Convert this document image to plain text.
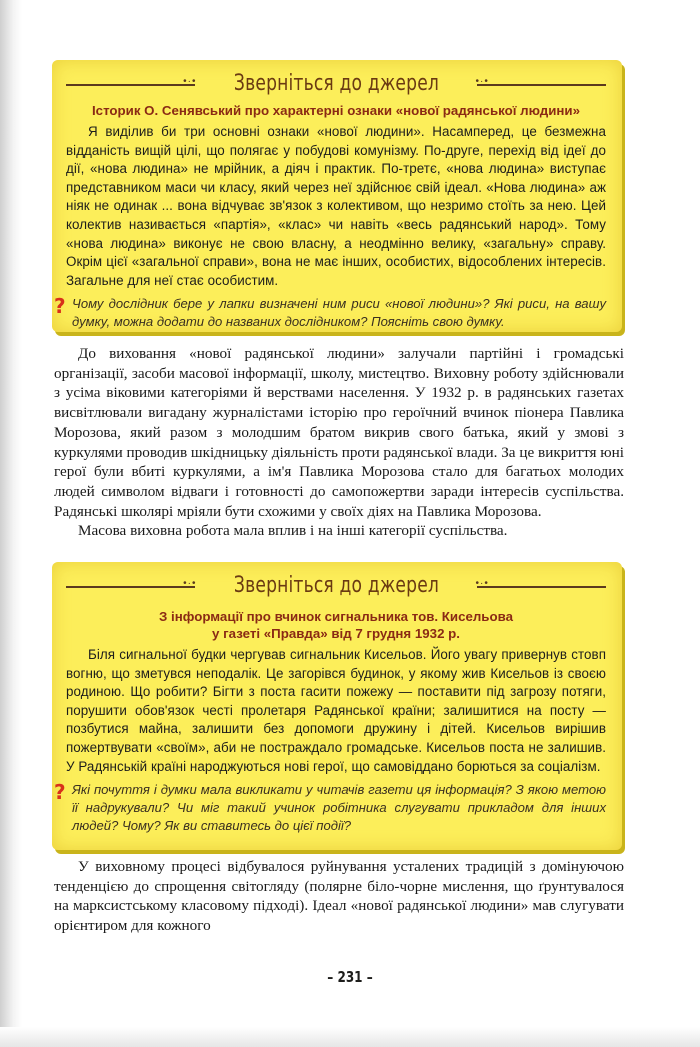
•·•
Зверніться до джерел
•·•
Історик О. Сенявський про характерні ознаки «нової радянської людини»

Я виділив би три основні ознаки «нової людини». Насамперед, це безмежна відданість вищій цілі, що полягає у побудові комунізму. По-друге, перехід від ідеї до дії, «нова людина» не мрійник, а діяч і практик. По-третє, «нова людина» виступає представником маси чи класу, який через неї здійснює свій ідеал. «Нова людина» аж ніяк не одинак ... вона відчуває зв'язок з колективом, що незримо стоїть за нею. Цей колектив називається «партія», «клас» чи навіть «весь радянський народ». Тому «нова людина» виконує не свою власну, а неодмінно велику, «загальну» справу. Окрім цієї «загальної справи», вона не має інших, особистих, відособлених інтересів. Загальне для неї стає особистим.

? Чому дослідник бере у лапки визначені ним риси «нової людини»? Які риси, на вашу думку, можна додати до названих дослідником? Поясніть свою думку.

До виховання «нової радянської людини» залучали партійні і громадські організації, засоби масової інформації, школу, мистецтво. Виховну роботу здійснювали з усіма віковими категоріями й верствами населення. У 1932 р. в радянських газетах висвітлювали вигадану журналістами історію про героїчний вчинок піонера Павлика Морозова, який разом з молодшим братом викрив свого батька, який у змові з куркулями проводив шкідницьку діяльність проти радянської влади. За це викриття юні герої були вбиті куркулями, а ім'я Павлика Морозова стало для багатьох молодих людей символом відваги і готовності до самопожертви заради інтересів суспільства. Радянські школярі мріяли бути схожими у своїх діях на Павлика Морозова.

Масова виховна робота мала вплив і на інші категорії суспільства.

•·•
Зверніться до джерел
•·•
З інформації про вчинок сигнальника тов. Кисельова
у газеті «Правда» від 7 грудня 1932 р.

Біля сигнальної будки чергував сигнальник Кисельов. Його увагу привернув стовп вогню, що зметувся неподалік. Це загорівся будинок, у якому жив Кисельов із своєю родиною. Що робити? Бігти з поста гасити пожежу — поставити під загрозу потяги, порушити обов'язок честі пролетаря Радянської країни; залишитися на посту — позбутися майна, залишити без допомоги дружину і дітей. Кисельов вирішив пожертвувати «своїм», аби не постраждало громадське. Кисельов поста не залишив. У Радянській країні народжуються нові герої, що самовіддано борються за соціалізм.

? Які почуття і думки мала викликати у читачів газети ця інформація? З якою метою її надрукували? Чи міг такий учинок робітника слугувати прикладом для інших людей? Чому? Як ви ставитесь до цієї події?

У виховному процесі відбувалося руйнування усталених традицій з домінуючою тенденцією до спрощення світогляду (полярне біло-чорне мислення, що ґрунтувалося на марксистському класовому підході). Ідеал «нової радянської людини» мав слугувати орієнтиром для кожного

– 231 –
